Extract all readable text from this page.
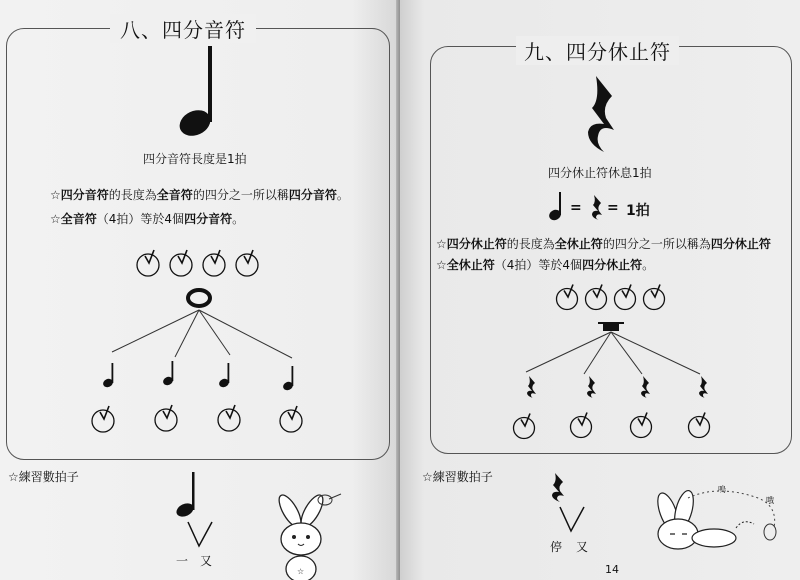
八、四分音符
四分音符長度是1拍
☆四分音符的長度為全音符的四分之一所以稱四分音符。
☆全音符（4拍）等於4個四分音符。
☆練習數拍子
一 又
☆
九、四分休止符
四分休止符休息1拍
= = 1拍
☆四分休止符的長度為全休止符的四分之一所以稱為四分休止符
☆全休止符（4拍）等於4個四分休止符。
☆練習數拍子
停 又
14
嗚
哦
